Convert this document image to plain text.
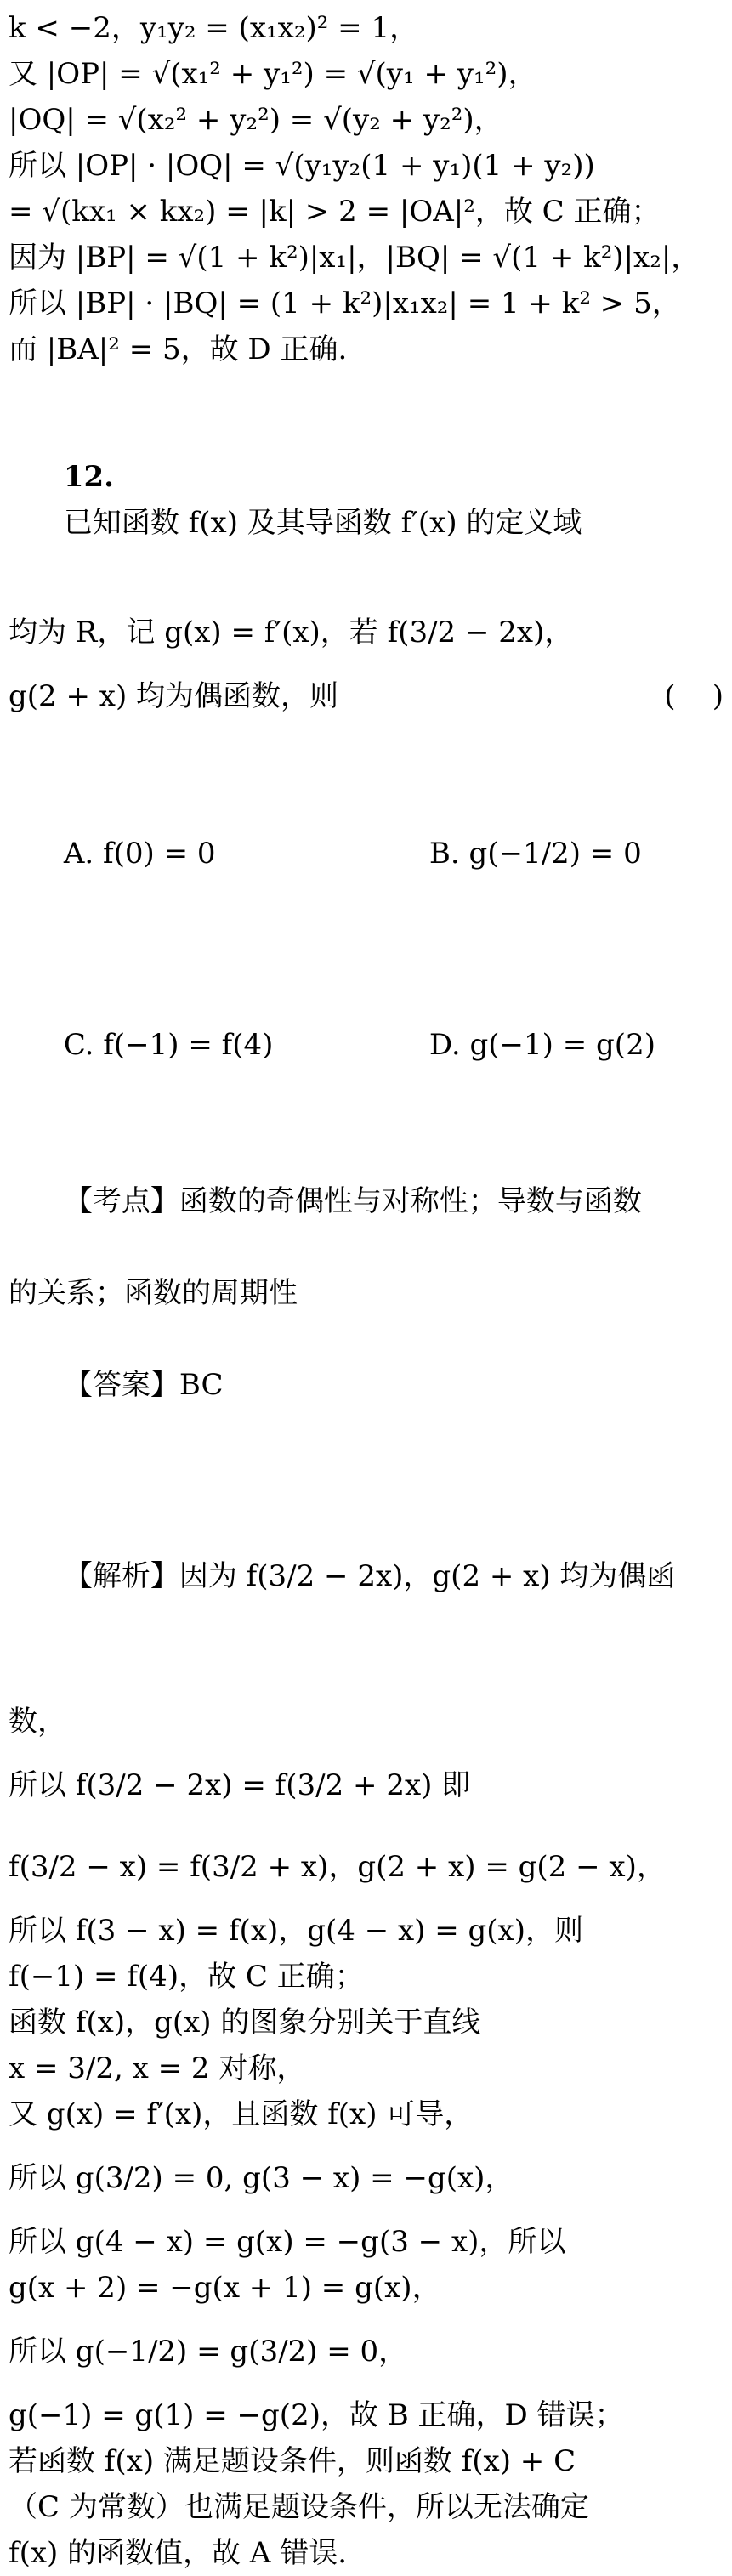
k < −2，y₁y₂ = (x₁x₂)² = 1，
又 |OP| = √(x₁² + y₁²) = √(y₁ + y₁²)，
|OQ| = √(x₂² + y₂²) = √(y₂ + y₂²)，
所以 |OP| · |OQ| = √(y₁y₂(1 + y₁)(1 + y₂))
= √(kx₁ × kx₂) = |k| > 2 = |OA|²，故 C 正确；
因为 |BP| = √(1 + k²)|x₁|，|BQ| = √(1 + k²)|x₂|，
所以 |BP| · |BQ| = (1 + k²)|x₁x₂| = 1 + k² > 5，
而 |BA|² = 5，故 D 正确.

12.
已知函数 f(x) 及其导函数 f′(x) 的定义域

均为 R，记 g(x) = f′(x)，若 f(3/2 − 2x)，
g(2 + x) 均为偶函数，则	(    )

A. f(0) = 0	B. g(−1/2) = 0

C. f(−1) = f(4)	D. g(−1) = g(2)

【考点】函数的奇偶性与对称性；导数与函数

的关系；函数的周期性

【答案】BC

【解析】因为 f(3/2 − 2x)，g(2 + x) 均为偶函

数，
所以 f(3/2 − 2x) = f(3/2 + 2x) 即
f(3/2 − x) = f(3/2 + x)，g(2 + x) = g(2 − x)，
所以 f(3 − x) = f(x)，g(4 − x) = g(x)，则
f(−1) = f(4)，故 C 正确；
函数 f(x)，g(x) 的图象分别关于直线
x = 3/2, x = 2 对称，
又 g(x) = f′(x)，且函数 f(x) 可导，
所以 g(3/2) = 0, g(3 − x) = −g(x)，
所以 g(4 − x) = g(x) = −g(3 − x)，所以
g(x + 2) = −g(x + 1) = g(x)，
所以 g(−1/2) = g(3/2) = 0，
g(−1) = g(1) = −g(2)，故 B 正确，D 错误；
若函数 f(x) 满足题设条件，则函数 f(x) + C
（C 为常数）也满足题设条件，所以无法确定
f(x) 的函数值，故 A 错误.
